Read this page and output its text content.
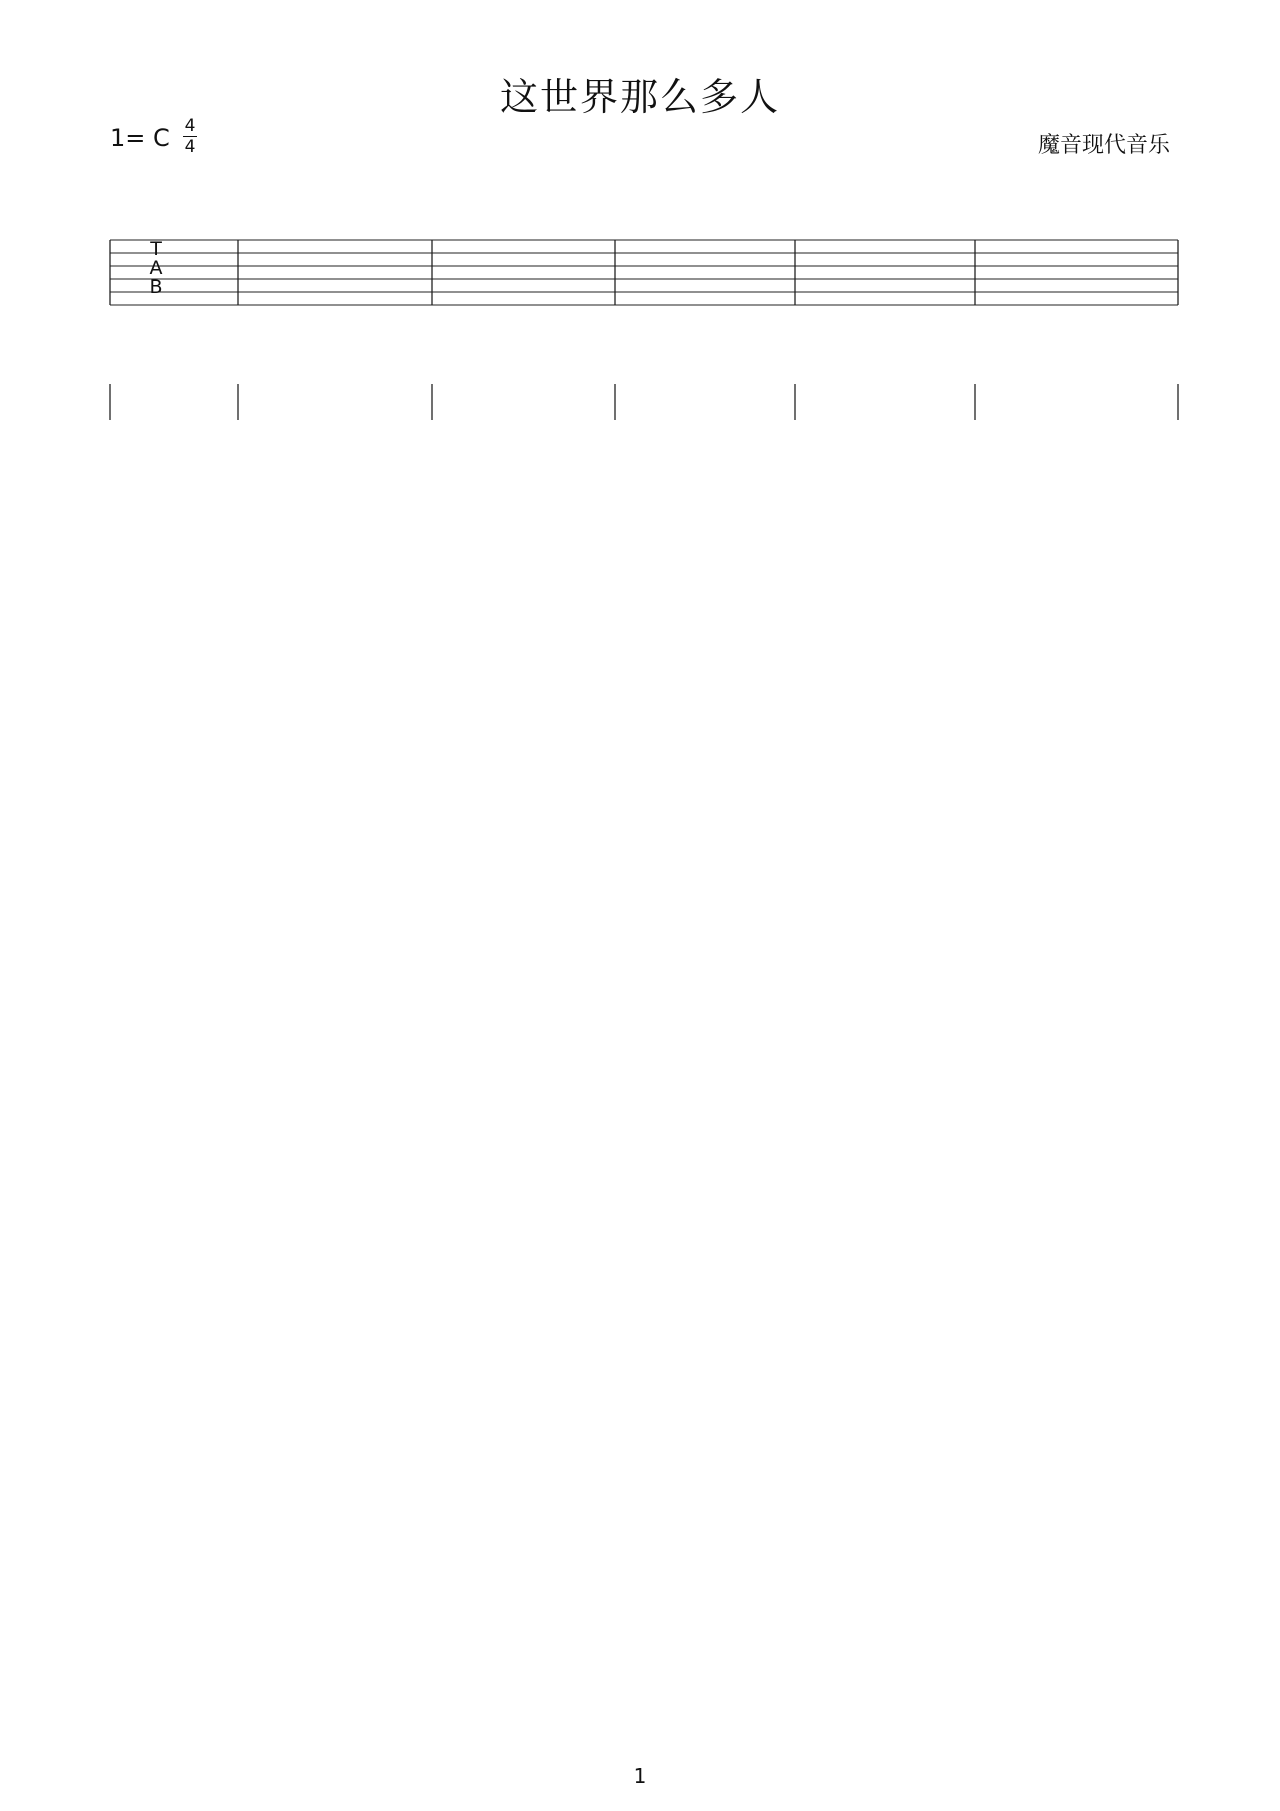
这世界那么多人
1= C 4
4	魔音现代音乐
T
A
B
1
